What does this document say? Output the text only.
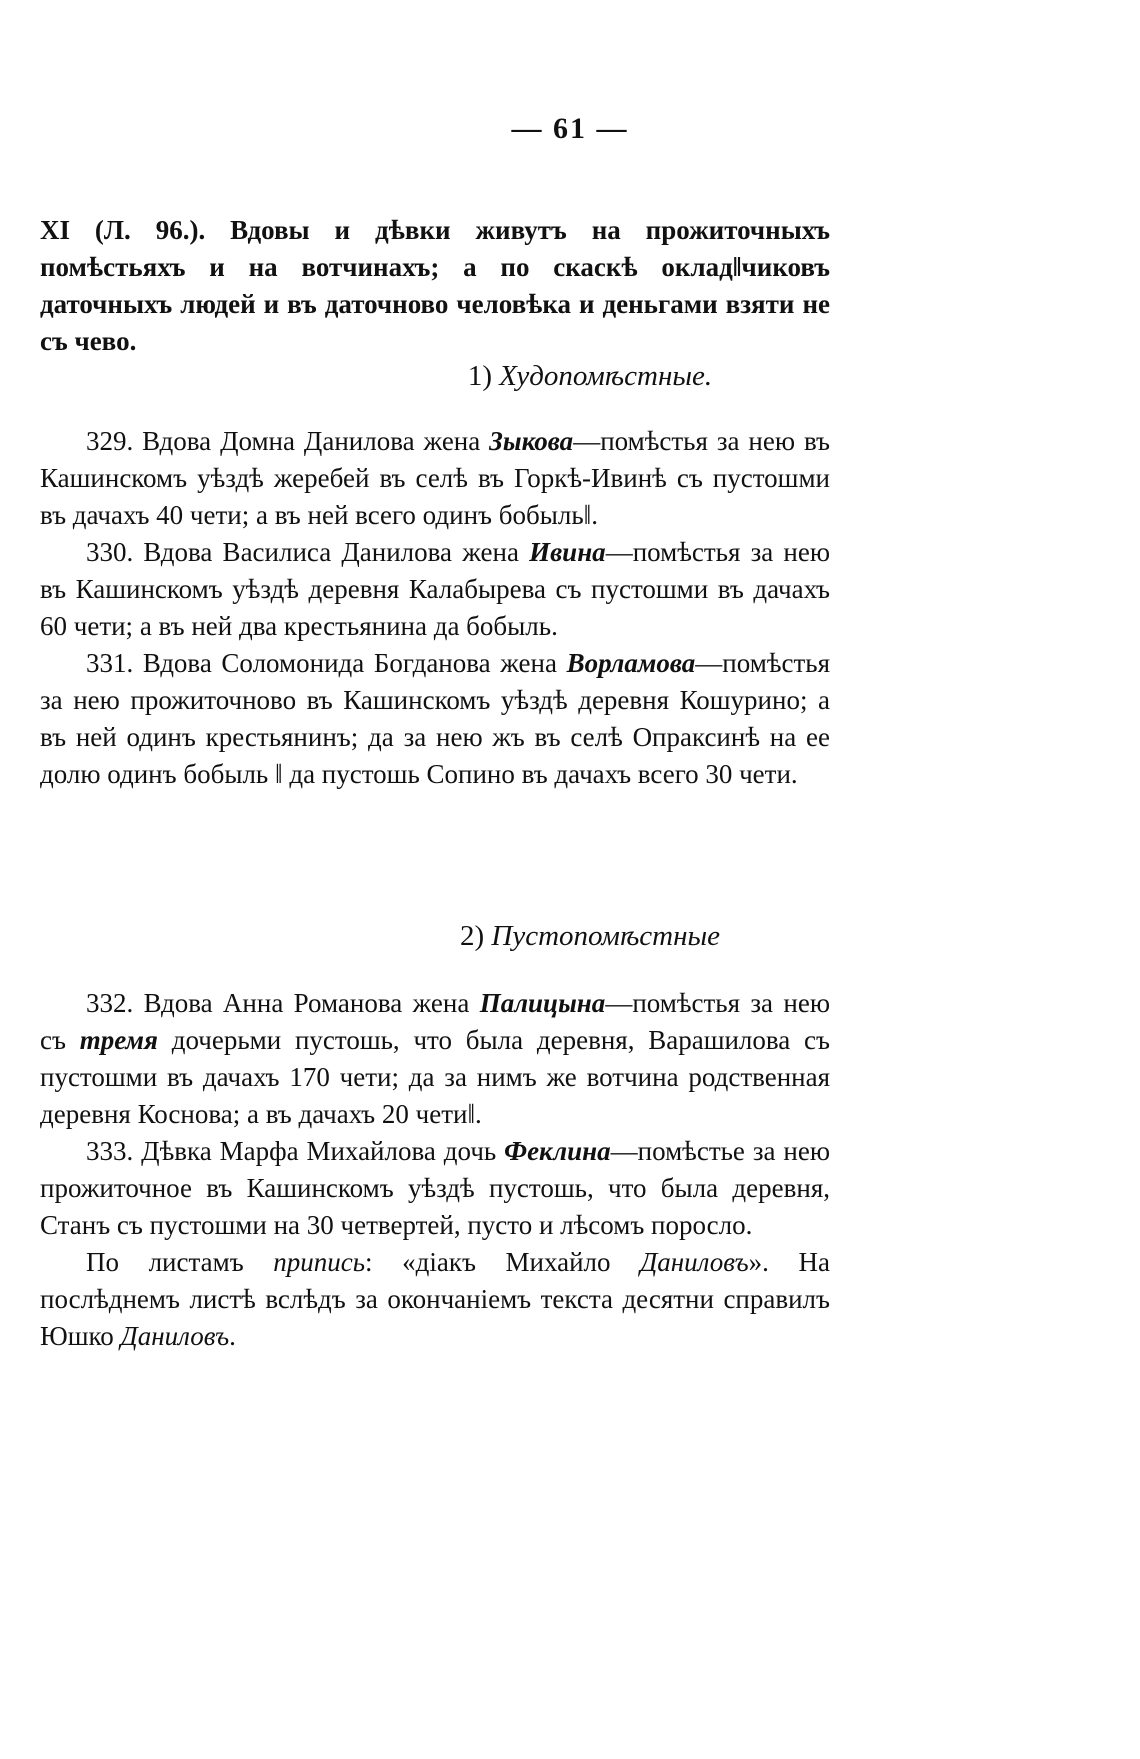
— 61 —

XI (Л. 96.). Вдовы и дѣвки живутъ на прожиточныхъ помѣстьяхъ и на вотчинахъ; а по скаскѣ оклад‖чиковъ даточныхъ людей и въ даточново человѣка и деньгами взяти не съ чево.

1) Худопомѣстные.

329. Вдова Домна Данилова жена Зыкова—помѣстья за нею въ Кашинскомъ уѣздѣ жеребей въ селѣ въ Горкѣ-Ивинѣ съ пустошми въ дачахъ 40 чети; а въ ней всего одинъ бобыль‖.

330. Вдова Василиса Данилова жена Ивина—помѣстья за нею въ Кашинскомъ уѣздѣ деревня Калабырева съ пустошми въ дачахъ 60 чети; а въ ней два крестьянина да бобыль.

331. Вдова Соломонида Богданова жена Ворламова—помѣстья за нею прожиточново въ Кашинскомъ уѣздѣ деревня Кошурино; а въ ней одинъ крестьянинъ; да за нею жъ въ селѣ Опраксинѣ на ее долю одинъ бобыль ‖ да пустошь Сопино въ дачахъ всего 30 чети.

2) Пустопомѣстные

332. Вдова Анна Романова жена Палицына—помѣстья за нею съ тремя дочерьми пустошь, что была деревня, Варашилова съ пустошми въ дачахъ 170 чети; да за нимъ же вотчина родственная деревня Коснова; а въ дачахъ 20 чети‖.

333. Дѣвка Марфа Михайлова дочь Феклина—помѣстье за нею прожиточное въ Кашинскомъ уѣздѣ пустошь, что была деревня, Станъ съ пустошми на 30 четвертей, пусто и лѣсомъ поросло.

По листамъ припись: «дiакъ Михайло Даниловъ». На послѣднемъ листѣ вслѣдъ за окончанiемъ текста десятни справилъ Юшко Даниловъ.
